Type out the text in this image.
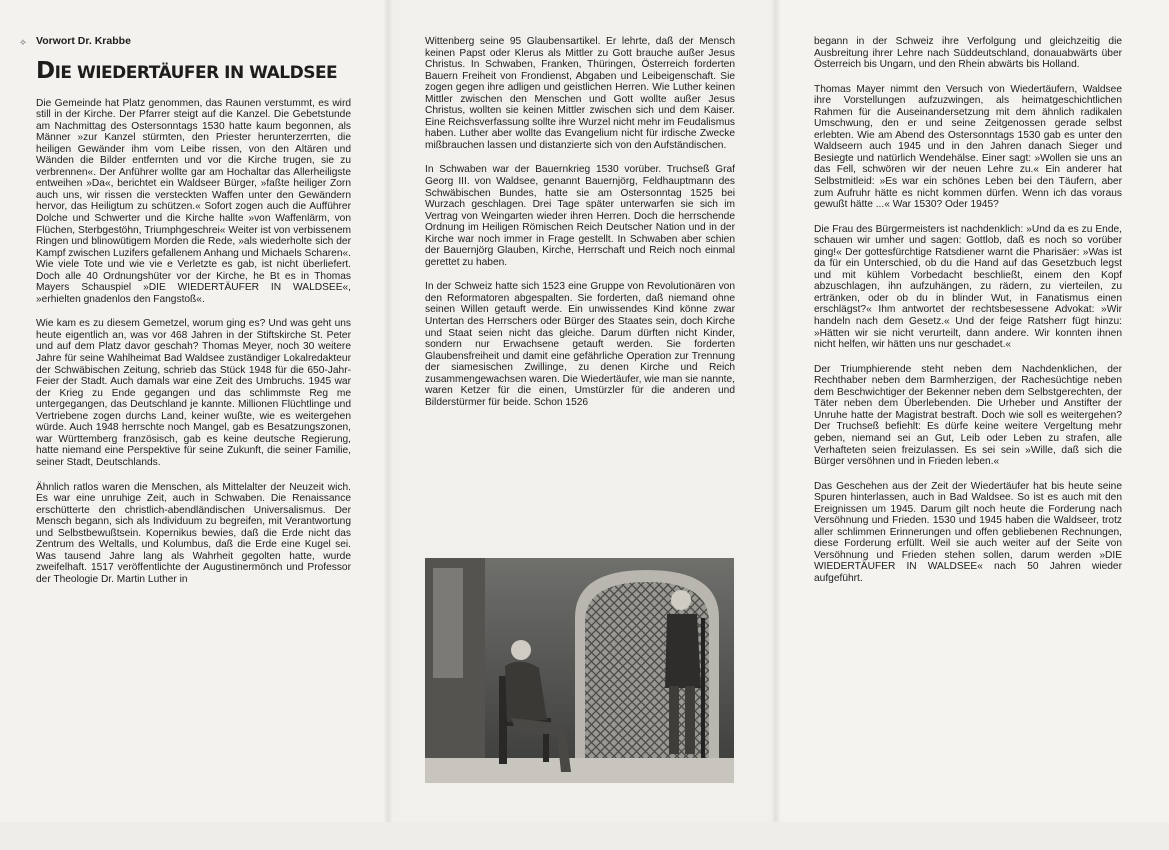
⟡ Vorwort Dr. Krabbe
DIE WIEDERTÄUFER IN WALDSEE

Die Gemeinde hat Platz genommen, das Raunen verstummt, es wird still in der Kirche. Der Pfarrer steigt auf die Kanzel. Die Gebetstunde am Nachmittag des Ostersonntags 1530 hatte kaum begonnen, als Männer »zur Kanzel stürmten, den Priester herunterzerrten, die heiligen Gewänder ihm vom Leibe rissen, von den Altären und Wänden die Bilder entfernten und vor die Kirche trugen, sie zu verbrennen«. Der Anführer wollte gar am Hochaltar das Allerheiligste entweihen »Da«, berichtet ein Waldseer Bürger, »faßte heiliger Zorn auch uns, wir rissen die versteckten Waffen unter den Gewändern hervor, das Heiligtum zu schützen.« Sofort zogen auch die Aufführer Dolche und Schwerter und die Kirche hallte »von Waffenlärm, von Flüchen, Sterbgestöhn, Triumphgeschrei« Weiter ist von verbissenem Ringen und blinowütigem Morden die Rede, »als wiederholte sich der Kampf zwischen Luzifers gefallenem Anhang und Michaels Scharen«. Wie viele Tote und wie vie e Verletzte es gab, ist nicht überliefert. Doch alle 40 Ordnungshüter vor der Kirche, he Bt es in Thomas Mayers Schauspiel »DIE WIEDERTÄUFER IN WALDSEE«, »erhielten gnadenlos den Fangstoß«.

Wie kam es zu diesem Gemetzel, worum ging es? Und was geht uns heute eigentlich an, was vor 468 Jahren in der Stiftskirche St. Peter und auf dem Platz davor geschah? Thomas Meyer, noch 30 weitere Jahre für seine Wahlheimat Bad Waldsee zuständiger Lokalredakteur der Schwäbischen Zeitung, schrieb das Stück 1948 für die 650-Jahr-Feier der Stadt. Auch damals war eine Zeit des Umbruchs. 1945 war der Krieg zu Ende gegangen und das schlimmste Reg me untergegangen, das Deutschland je kannte. Millionen Flüchtlinge und Vertriebene zogen durchs Land, keiner wußte, wie es weitergehen würde. Auch 1948 herrschte noch Mangel, gab es Besatzungszonen, war Württemberg französisch, gab es keine deutsche Regierung, hatte niemand eine Perspektive für seine Zukunft, die seiner Familie, seiner Stadt, Deutschlands.

Ähnlich ratlos waren die Menschen, als Mittelalter der Neuzeit wich. Es war eine unruhige Zeit, auch in Schwaben. Die Renaissance erschütterte den christlich-abendländischen Universalismus. Der Mensch begann, sich als Individuum zu begreifen, mit Verantwortung und Selbstbewußtsein. Kopernikus bewies, daß die Erde nicht das Zentrum des Weltalls, und Kolumbus, daß die Erde eine Kugel sei. Was tausend Jahre lang als Wahrheit gegolten hatte, wurde zweifelhaft. 1517 veröffentlichte der Augustinermönch und Professor der Theologie Dr. Martin Luther in

Wittenberg seine 95 Glaubensartikel. Er lehrte, daß der Mensch keinen Papst oder Klerus als Mittler zu Gott brauche außer Jesus Christus. In Schwaben, Franken, Thüringen, Österreich forderten Bauern Freiheit von Frondienst, Abgaben und Leibeigenschaft. Sie zogen gegen ihre adligen und geistlichen Herren. Wie Luther keinen Mittler zwischen den Menschen und Gott wollte außer Jesus Christus, wollten sie keinen Mittler zwischen sich und dem Kaiser. Eine Reichsverfassung sollte ihre Wurzel nicht mehr im Feudalismus haben. Luther aber wollte das Evangelium nicht für irdische Zwecke mißbrauchen lassen und distanzierte sich von den Aufständischen.

In Schwaben war der Bauernkrieg 1530 vorüber. Truchseß Graf Georg III. von Waldsee, genannt Bauernjörg, Feldhauptmann des Schwäbischen Bundes, hatte sie am Ostersonntag 1525 bei Wurzach geschlagen. Drei Tage später unterwarfen sie sich im Vertrag von Weingarten wieder ihren Herren. Doch die herrschende Ordnung im Heiligen Römischen Reich Deutscher Nation und in der Kirche war noch immer in Frage gestellt. In Schwaben aber schien der Bauernjörg Glauben, Kirche, Herrschaft und Reich noch einmal gerettet zu haben.

In der Schweiz hatte sich 1523 eine Gruppe von Revolutionären von den Reformatoren abgespalten. Sie forderten, daß niemand ohne seinen Willen getauft werde. Ein unwissendes Kind könne zwar Untertan des Herrschers oder Bürger des Staates sein, doch Kirche und Staat seien nicht das gleiche. Darum dürften nicht Kinder, sondern nur Erwachsene getauft werden. Sie forderten Glaubensfreiheit und damit eine gefährliche Operation zur Trennung der siamesischen Zwillinge, zu denen Kirche und Reich zusammengewachsen waren. Die Wiedertäufer, wie man sie nannte, waren Ketzer für die einen, Umstürzler für die anderen und Bilderstürmer für beide. Schon 1526

begann in der Schweiz ihre Verfolgung und gleichzeitig die Ausbreitung ihrer Lehre nach Süddeutschland, donauabwärts über Österreich bis Ungarn, und den Rhein abwärts bis Holland.

Thomas Mayer nimmt den Versuch von Wiedertäufern, Waldsee ihre Vorstellungen aufzuzwingen, als heimatgeschichtlichen Rahmen für die Auseinandersetzung mit dem ähnlich radikalen Umschwung, den er und seine Zeitgenossen gerade selbst erlebten. Wie am Abend des Ostersonntags 1530 gab es unter den Waldseern auch 1945 und in den Jahren danach Sieger und Besiegte und natürlich Wendehälse. Einer sagt: »Wollen sie uns an das Fell, schwören wir der neuen Lehre zu.« Ein anderer hat Selbstmitleid: »Es war ein schönes Leben bei den Täufern, aber zum Aufruhr hätte es nicht kommen dürfen. Wenn ich das voraus gewußt hätte ...« War 1530? Oder 1945?

Die Frau des Bürgermeisters ist nachdenklich: »Und da es zu Ende, schauen wir umher und sagen: Gottlob, daß es noch so vorüber ging!« Der gottesfürchtige Ratsdiener warnt die Pharisäer: »Was ist da für ein Unterschied, ob du die Hand auf das Gesetzbuch legst und mit kühlem Vorbedacht beschließt, einem den Kopf abzuschlagen, ihn aufzuhängen, zu rädern, zu vierteilen, zu ertränken, oder ob du in blinder Wut, in Fanatismus einen erschlägst?« Ihm antwortet der rechtsbesessene Advokat: »Wir handeln nach dem Gesetz.« Und der feige Ratsherr fügt hinzu: »Hätten wir sie nicht verurteilt, dann andere. Wir konnten ihnen nicht helfen, wir hätten uns nur geschadet.«

Der Triumphierende steht neben dem Nachdenklichen, der Rechthaber neben dem Barmherzigen, der Rachesüchtige neben dem Beschwichtiger der Bekenner neben dem Selbstgerechten, der Täter neben dem Überlebenden. Die Urheber und Anstifter der Unruhe hatte der Magistrat bestraft. Doch wie soll es weitergehen? Der Truchseß befiehlt: Es dürfe keine weitere Vergeltung mehr geben, niemand sei an Gut, Leib oder Leben zu strafen, alle Verhafteten seien freizulassen. Es sei sein »Wille, daß sich die Bürger versöhnen und in Frieden leben.«

Das Geschehen aus der Zeit der Wiedertäufer hat bis heute seine Spuren hinterlassen, auch in Bad Waldsee. So ist es auch mit den Ereignissen um 1945. Darum gilt noch heute die Forderung nach Versöhnung und Frieden. 1530 und 1945 haben die Waldseer, trotz aller schlimmen Erinnerungen und offen gebliebenen Rechnungen, diese Forderung erfüllt. Weil sie auch weiter auf der Seite von Versöhnung und Frieden stehen sollen, darum werden »DIE WIEDERTÄUFER IN WALDSEE« nach 50 Jahren wieder aufgeführt.
